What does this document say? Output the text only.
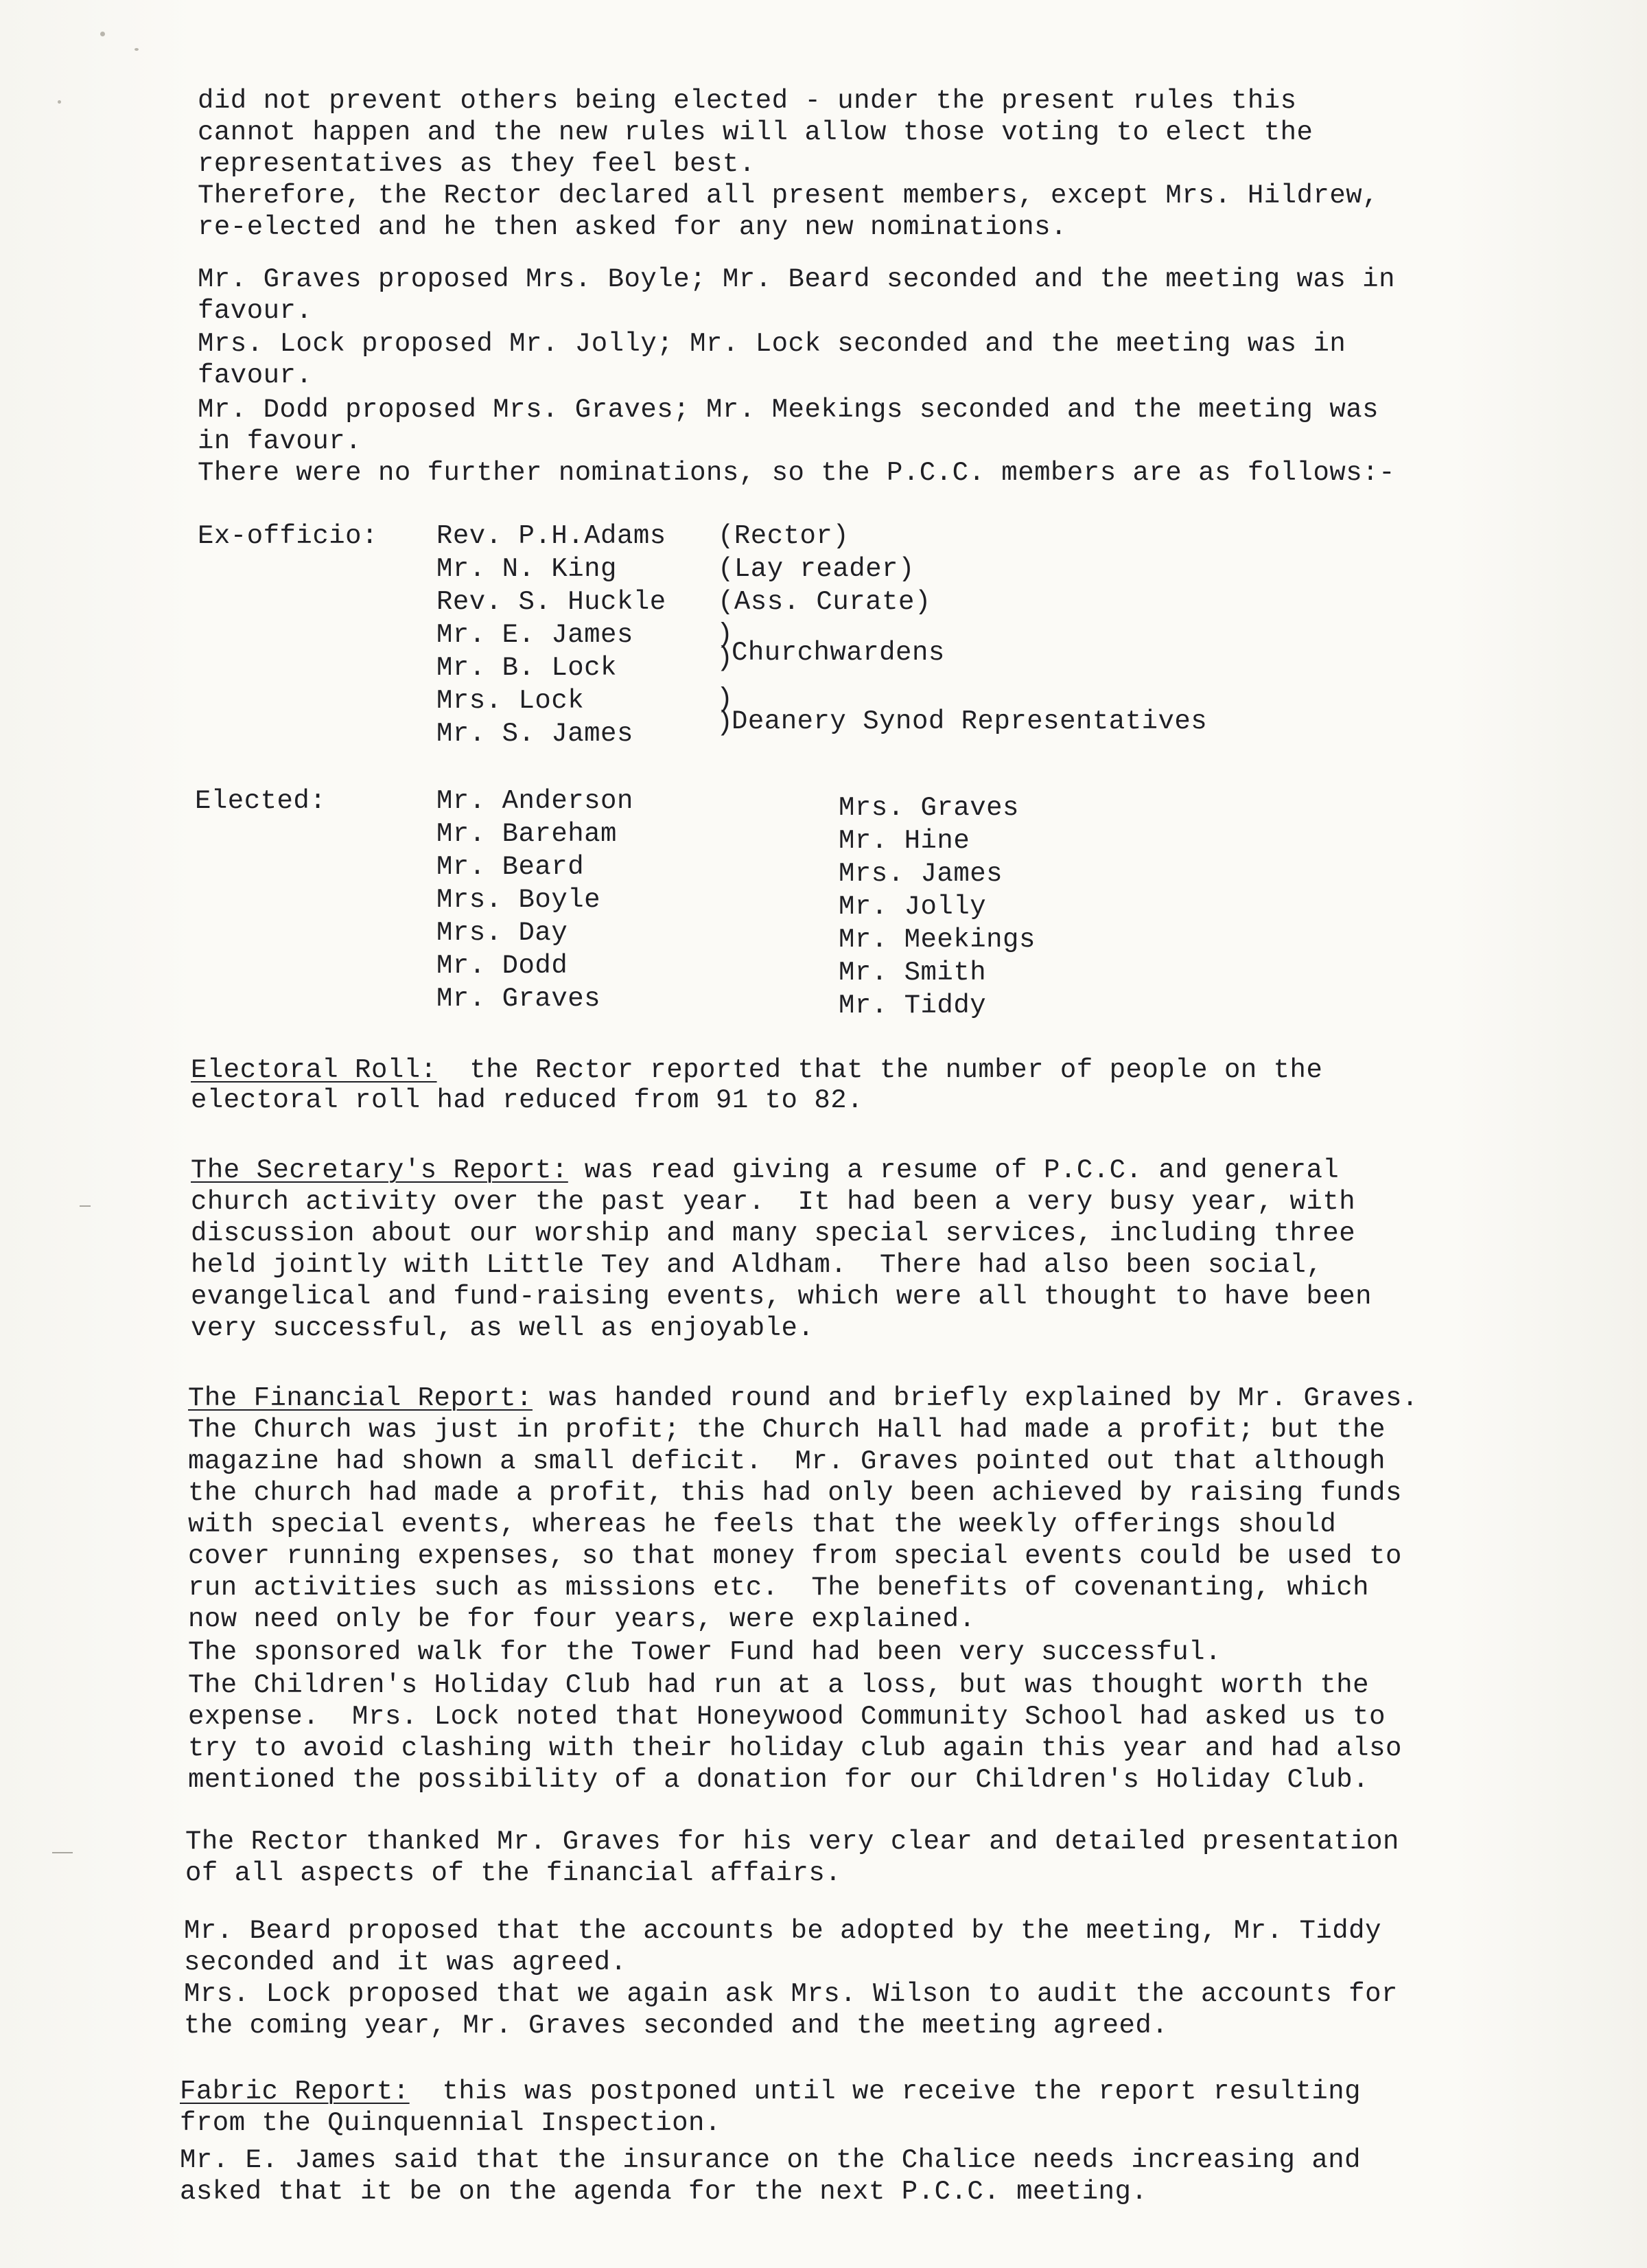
did not prevent others being elected - under the present rules this

cannot happen and the new rules will allow those voting to elect the

representatives as they feel best.

Therefore, the Rector declared all present members, except Mrs. Hildrew,

re-elected and he then asked for any new nominations.

Mr. Graves proposed Mrs. Boyle; Mr. Beard seconded and the meeting was in

favour.

Mrs. Lock proposed Mr. Jolly; Mr. Lock seconded and the meeting was in

favour.

Mr. Dodd proposed Mrs. Graves; Mr. Meekings seconded and the meeting was

in favour.

There were no further nominations, so the P.C.C. members are as follows:-

Ex-officio: Rev. P.H.Adams (Rector)

Mr. N. King	(Lay reader)

Rev. S. Huckle (Ass. Curate)

Mr. E. James

Mr. B. Lock

)
)

Churchwardens

Mrs. Lock

Mr. S. James

)
)

Deanery Synod Representatives

Elected:	Mr. Anderson

Mr. Bareham

Mr. Beard

Mrs. Boyle

Mrs. Day

Mr. Dodd

Mr. Graves

Mrs. Graves

Mr. Hine

Mrs. James

Mr. Jolly

Mr. Meekings

Mr. Smith

Mr. Tiddy

Electoral Roll:  the Rector reported that the number of people on the

electoral roll had reduced from 91 to 82.

The Secretary's Report: was read giving a resume of P.C.C. and general

church activity over the past year.  It had been a very busy year, with

discussion about our worship and many special services, including three

held jointly with Little Tey and Aldham.  There had also been social,

evangelical and fund-raising events, which were all thought to have been

very successful, as well as enjoyable.

The Financial Report: was handed round and briefly explained by Mr. Graves.

The Church was just in profit; the Church Hall had made a profit; but the

magazine had shown a small deficit.  Mr. Graves pointed out that although

the church had made a profit, this had only been achieved by raising funds

with special events, whereas he feels that the weekly offerings should

cover running expenses, so that money from special events could be used to

run activities such as missions etc.  The benefits of covenanting, which

now need only be for four years, were explained.

The sponsored walk for the Tower Fund had been very successful.

The Children's Holiday Club had run at a loss, but was thought worth the

expense.  Mrs. Lock noted that Honeywood Community School had asked us to

try to avoid clashing with their holiday club again this year and had also

mentioned the possibility of a donation for our Children's Holiday Club.

The Rector thanked Mr. Graves for his very clear and detailed presentation

of all aspects of the financial affairs.

Mr. Beard proposed that the accounts be adopted by the meeting, Mr. Tiddy

seconded and it was agreed.

Mrs. Lock proposed that we again ask Mrs. Wilson to audit the accounts for

the coming year, Mr. Graves seconded and the meeting agreed.

Fabric Report:  this was postponed until we receive the report resulting

from the Quinquennial Inspection.

Mr. E. James said that the insurance on the Chalice needs increasing and

asked that it be on the agenda for the next P.C.C. meeting.
